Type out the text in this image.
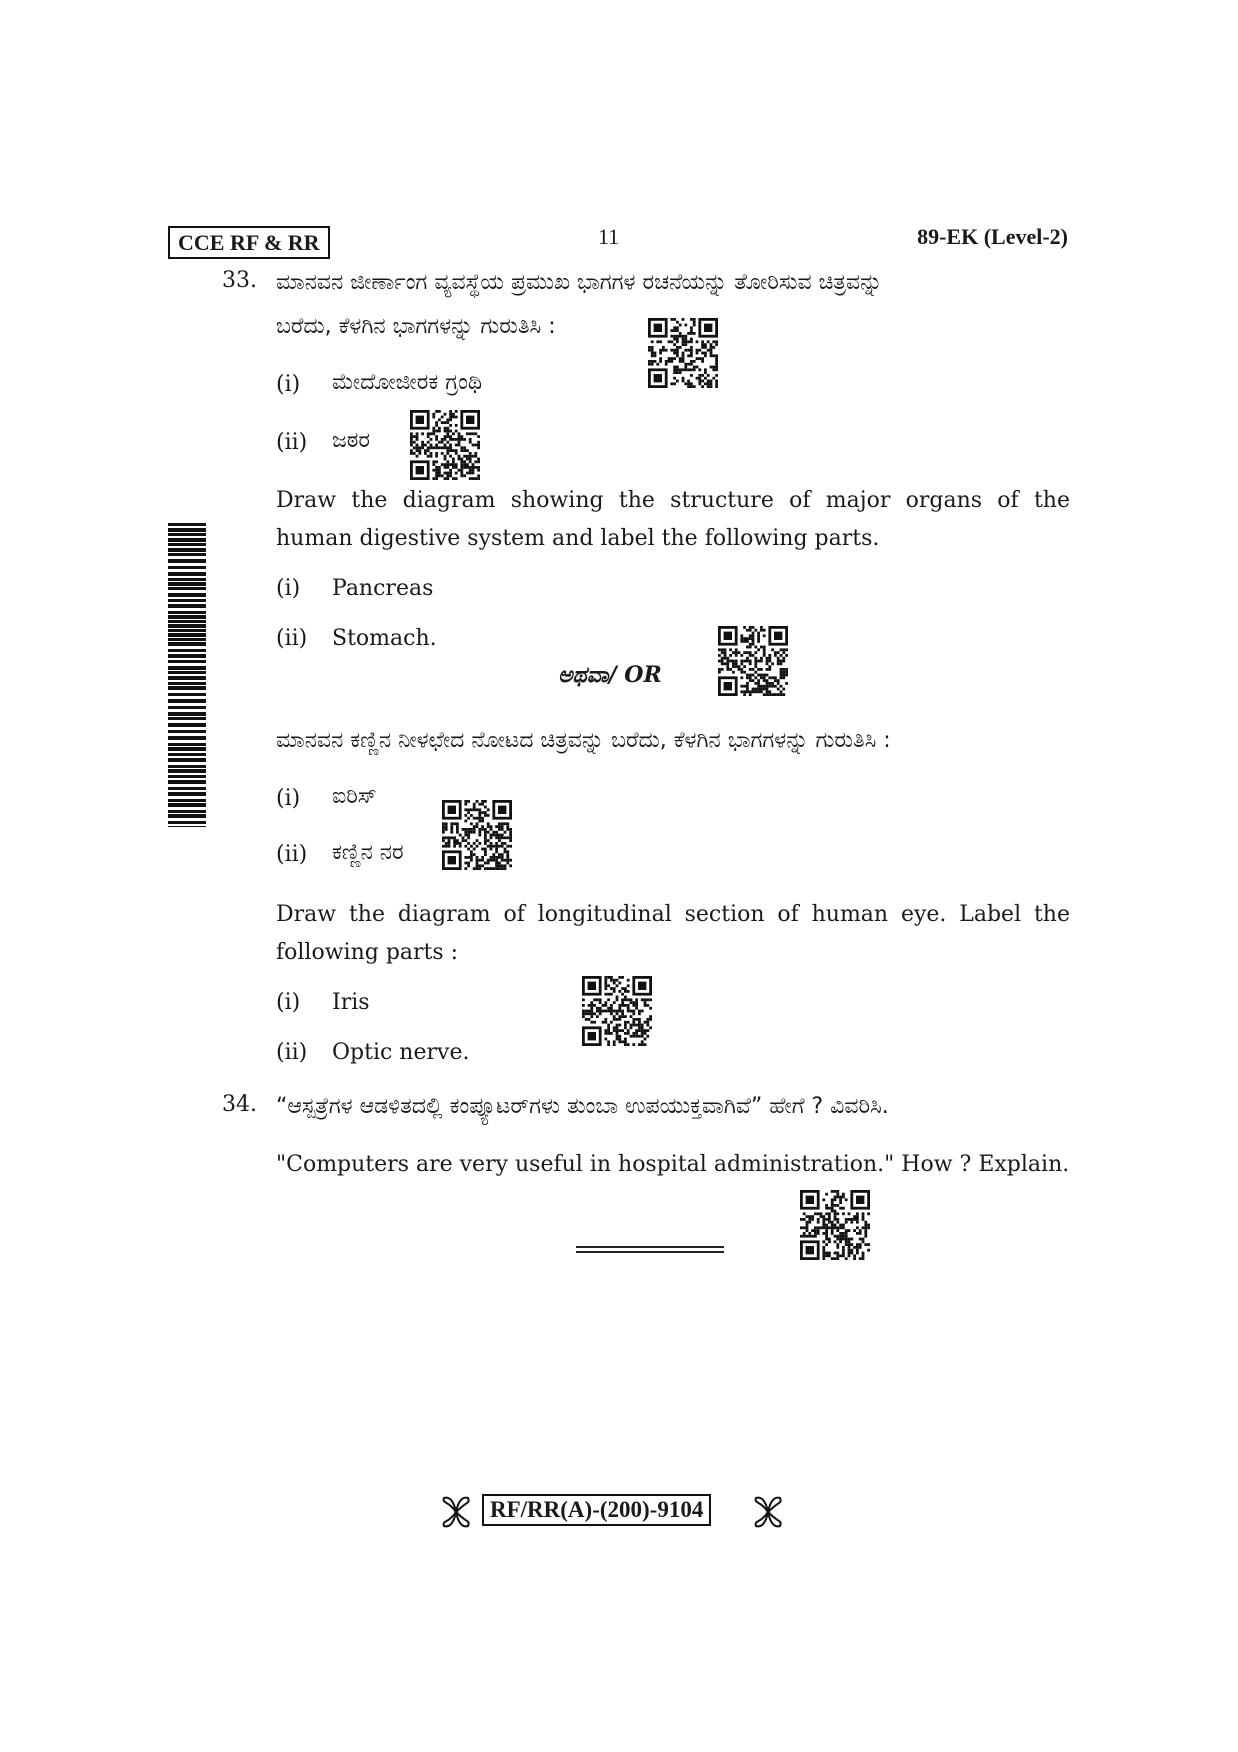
CCE RF & RR	11	89-EK (Level-2)
33. ಮಾನವನ ಜೀರ್ಣಾಂಗ ವ್ಯವಸ್ಥೆಯ ಪ್ರಮುಖ ಭಾಗಗಳ ರಚನೆಯನ್ನು ತೋರಿಸುವ ಚಿತ್ರವನ್ನು
ಬರೆದು, ಕೆಳಗಿನ ಭಾಗಗಳನ್ನು ಗುರುತಿಸಿ :
(i) ಮೇದೋಜೀರಕ ಗ್ರಂಥಿ
(ii) ಜಠರ
Draw the diagram showing the structure of major organs of the human digestive system and label the following parts.
(i) Pancreas
(ii) Stomach.
ಅಥವಾ/ OR
ಮಾನವನ ಕಣ್ಣಿನ ನೀಳಛೇದ ನೋಟದ ಚಿತ್ರವನ್ನು ಬರೆದು, ಕೆಳಗಿನ ಭಾಗಗಳನ್ನು ಗುರುತಿಸಿ :
(i) ಐರಿಸ್
(ii) ಕಣ್ಣಿನ ನರ
Draw the diagram of longitudinal section of human eye. Label the following parts :
(i) Iris
(ii) Optic nerve.
34. “ಆಸ್ಪತ್ರೆಗಳ ಆಡಳಿತದಲ್ಲಿ ಕಂಪ್ಯೂಟರ್‌ಗಳು ತುಂಬಾ ಉಪಯುಕ್ತವಾಗಿವೆ” ಹೇಗೆ ? ವಿವರಿಸಿ.
"Computers are very useful in hospital administration." How ? Explain.
RF/RR(A)-(200)-9104
